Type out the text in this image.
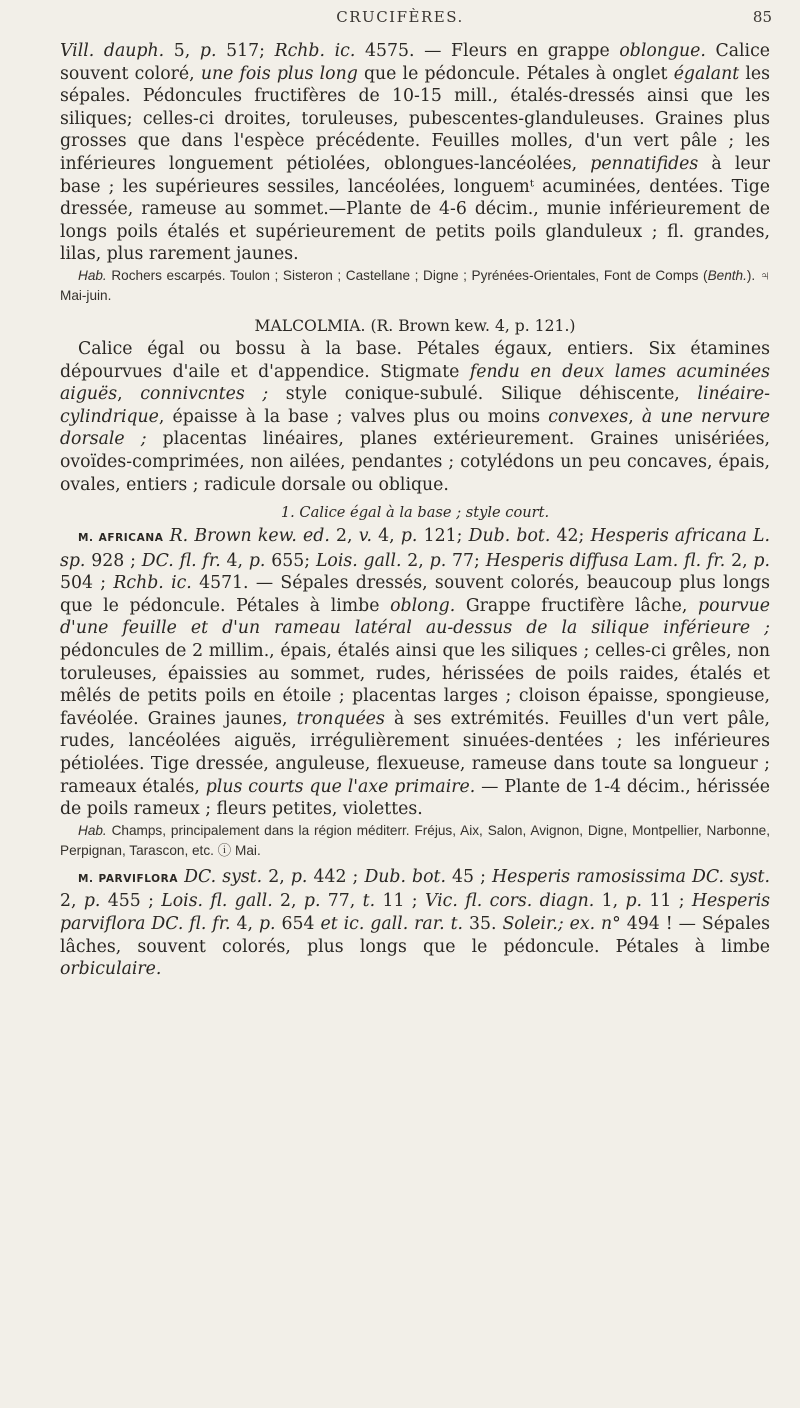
CRUCIFÈRES.	85

Vill. dauph. 5, p. 517; Rchb. ic. 4575. — Fleurs en grappe oblongue. Calice souvent coloré, une fois plus long que le pédoncule. Pétales à onglet égalant les sépales. Pédoncules fructifères de 10-15 mill., étalés-dressés ainsi que les siliques; celles-ci droites, toruleuses, pubescentes-glanduleuses. Graines plus grosses que dans l'espèce précédente. Feuilles molles, d'un vert pâle ; les inférieures longuement pétiolées, oblongues-lancéolées, pennatifides à leur base ; les supérieures sessiles, lancéolées, longuemᵗ acuminées, dentées. Tige dressée, rameuse au sommet.—Plante de 4-6 décim., munie inférieurement de longs poils étalés et supérieurement de petits poils glanduleux ; fl. grandes, lilas, plus rarement jaunes.

Hab. Rochers escarpés. Toulon ; Sisteron ; Castellane ; Digne ; Pyrénées-Orientales, Font de Comps (Benth.). ♃ Mai-juin.

MALCOLMIA. (R. Brown kew. 4, p. 121.)

Calice égal ou bossu à la base. Pétales égaux, entiers. Six étamines dépourvues d'aile et d'appendice. Stigmate fendu en deux lames acuminées aiguës, connivcntes ; style conique-subulé. Silique déhiscente, linéaire-cylindrique, épaisse à la base ; valves plus ou moins convexes, à une nervure dorsale ; placentas linéaires, planes extérieurement. Graines unisériées, ovoïdes-comprimées, non ailées, pendantes ; cotylédons un peu concaves, épais, ovales, entiers ; radicule dorsale ou oblique.

1. Calice égal à la base ; style court.

M. AFRICANA R. Brown kew. ed. 2, v. 4, p. 121; Dub. bot. 42; Hesperis africana L. sp. 928 ; DC. fl. fr. 4, p. 655; Lois. gall. 2, p. 77; Hesperis diffusa Lam. fl. fr. 2, p. 504 ; Rchb. ic. 4571. — Sépales dressés, souvent colorés, beaucoup plus longs que le pédoncule. Pétales à limbe oblong. Grappe fructifère lâche, pourvue d'une feuille et d'un rameau latéral au-dessus de la silique inférieure ; pédoncules de 2 millim., épais, étalés ainsi que les siliques ; celles-ci grêles, non toruleuses, épaissies au sommet, rudes, hérissées de poils raides, étalés et mêlés de petits poils en étoile ; placentas larges ; cloison épaisse, spongieuse, favéolée. Graines jaunes, tronquées à ses extrémités. Feuilles d'un vert pâle, rudes, lancéolées aiguës, irrégulièrement sinuées-dentées ; les inférieures pétiolées. Tige dressée, anguleuse, flexueuse, rameuse dans toute sa longueur ; rameaux étalés, plus courts que l'axe primaire. — Plante de 1-4 décim., hérissée de poils rameux ; fleurs petites, violettes.

Hab. Champs, principalement dans la région méditerr. Fréjus, Aix, Salon, Avignon, Digne, Montpellier, Narbonne, Perpignan, Tarascon, etc. ⓘ Mai.

M. PARVIFLORA DC. syst. 2, p. 442 ; Dub. bot. 45 ; Hesperis ramosissima DC. syst. 2, p. 455 ; Lois. fl. gall. 2, p. 77, t. 11 ; Vic. fl. cors. diagn. 1, p. 11 ; Hesperis parviflora DC. fl. fr. 4, p. 654 et ic. gall. rar. t. 35. Soleir.; ex. n° 494 ! — Sépales lâches, souvent colorés, plus longs que le pédoncule. Pétales à limbe orbiculaire.
